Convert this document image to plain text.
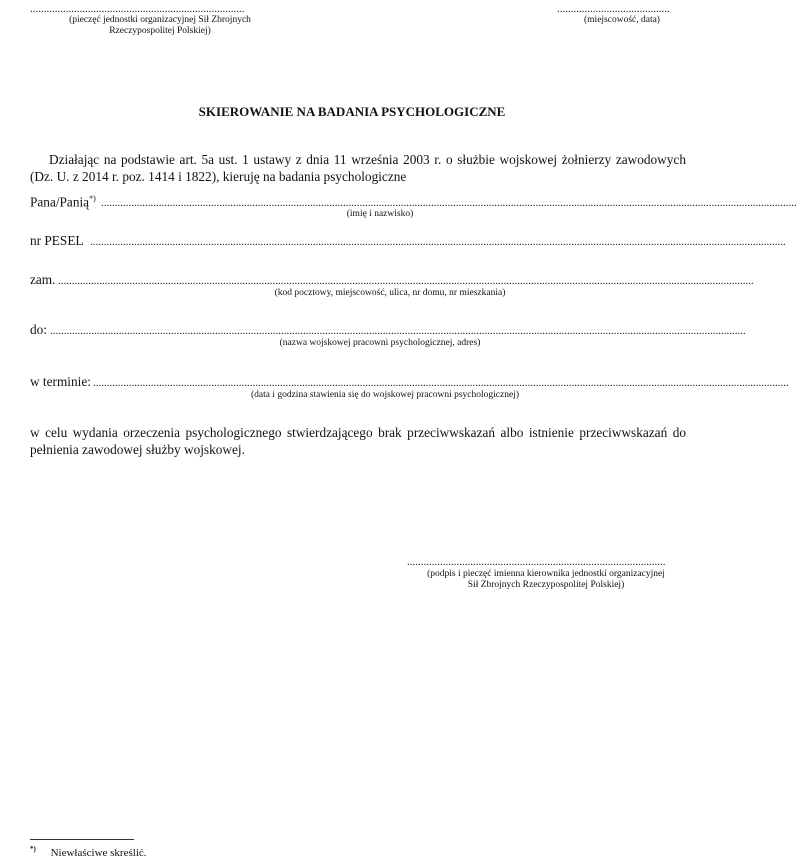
..............................................................................
(pieczęć jednostki organizacyjnej Sił Zbrojnych
Rzeczypospolitej Polskiej)
.........................................
(miejscowość, data)
SKIEROWANIE NA BADANIA PSYCHOLOGICZNE
Działając na podstawie art. 5a ust. 1 ustawy z dnia 11 września 2003 r. o służbie wojskowej żołnierzy zawodowych (Dz. U. z 2014 r. poz. 1414 i 1822), kieruję na badania psychologiczne
Pana/Panią*) .............................................................................................................................................................................................................................................................
(imię i nazwisko)
nr PESEL .............................................................................................................................................................................................................................................................
zam. .............................................................................................................................................................................................................................................................
(kod pocztowy, miejscowość, ulica, nr domu, nr mieszkania)
do: .............................................................................................................................................................................................................................................................
(nazwa wojskowej pracowni psychologicznej, adres)
w terminie: .............................................................................................................................................................................................................................................................
(data i godzina stawienia się do wojskowej pracowni psychologicznej)
w celu wydania orzeczenia psychologicznego stwierdzającego brak przeciwwskazań albo istnienie przeciwwskazań do pełnienia zawodowej służby wojskowej.
..............................................................................................
(podpis i pieczęć imienna kierownika jednostki organizacyjnej
Sił Zbrojnych Rzeczypospolitej Polskiej)
*) Niewłaściwe skreślić.
